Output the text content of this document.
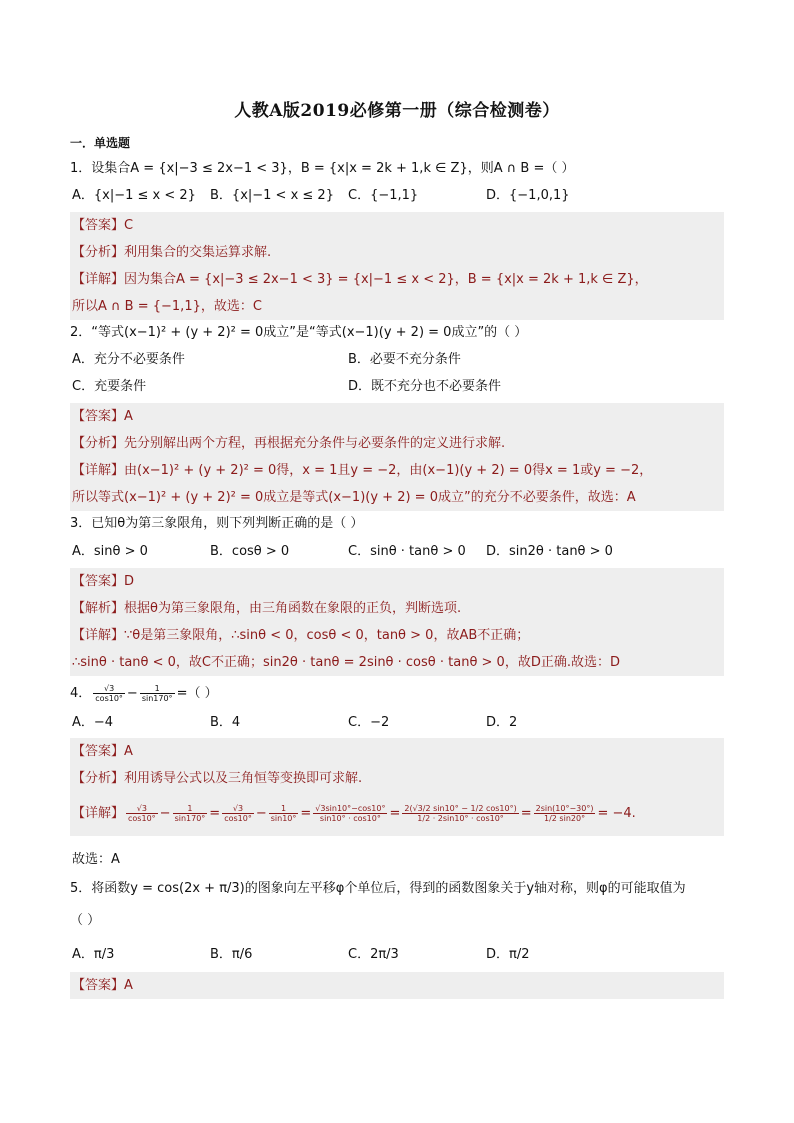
人教A版2019必修第一册（综合检测卷）
一．单选题
1．设集合A = {x|−3 ≤ 2x−1 < 3}，B = {x|x = 2k + 1,k ∈ Z}，则A ∩ B =（ ）
A．{x|−1 ≤ x < 2} B．{x|−1 < x ≤ 2} C．{−1,1}	D．{−1,0,1}
【答案】C
【分析】利用集合的交集运算求解.
【详解】因为集合A = {x|−3 ≤ 2x−1 < 3} = {x|−1 ≤ x < 2}，B = {x|x = 2k + 1,k ∈ Z}，
所以A ∩ B = {−1,1}，故选：C
2．“等式(x−1)² + (y + 2)² = 0成立”是“等式(x−1)(y + 2) = 0成立”的（ ）
A．充分不必要条件	B．必要不充分条件
C．充要条件	D．既不充分也不必要条件
【答案】A
【分析】先分别解出两个方程，再根据充分条件与必要条件的定义进行求解.
【详解】由(x−1)² + (y + 2)² = 0得，x = 1且y = −2，由(x−1)(y + 2) = 0得x = 1或y = −2，
所以等式(x−1)² + (y + 2)² = 0成立是等式(x−1)(y + 2) = 0成立”的充分不必要条件，故选：A
3．已知θ为第三象限角，则下列判断正确的是（ ）
A．sinθ > 0	B．cosθ > 0	C．sinθ · tanθ > 0 D．sin2θ · tanθ > 0
【答案】D
【解析】根据θ为第三象限角，由三角函数在象限的正负，判断选项.
【详解】∵θ是第三象限角，∴sinθ < 0，cosθ < 0，tanθ > 0，故AB不正确；
∴sinθ · tanθ < 0，故C不正确；sin2θ · tanθ = 2sinθ · cosθ · tanθ > 0，故D正确.故选：D
4． $\frac{√3}{\cos 10^\circ} - \frac{1}{\sin 170^\circ}$ =（ ）
A．−4	B．4	C．−2	D．2
【答案】A
【分析】利用诱导公式以及三角恒等变换即可求解.
【详解】 $\frac{√3}{\cos 10^\circ} - \frac{1}{\sin 170^\circ} = \frac{√3}{\cos 10^\circ} - \frac{1}{\sin 10^\circ} = \frac{√3\sin 10^\circ-\cos 10^\circ}{\sin 10^\circ \cdot \cos 10^\circ} = \frac{2(√3/2 \sin 10^\circ - 1/2 \cos 10^\circ)}{1/2 \cdot 2\sin 10^\circ \cdot \cos 10^\circ} = \frac{2\sin(10^\circ-30^\circ)}{1/2 \sin 20^\circ} = -4$.
故选：A
5．将函数y = cos(2x + π/3)的图象向左平移φ个单位后，得到的函数图象关于y轴对称，则φ的可能取值为
（ ）
A．π/3	B．π/6	C．2π/3	D．π/2
【答案】A
